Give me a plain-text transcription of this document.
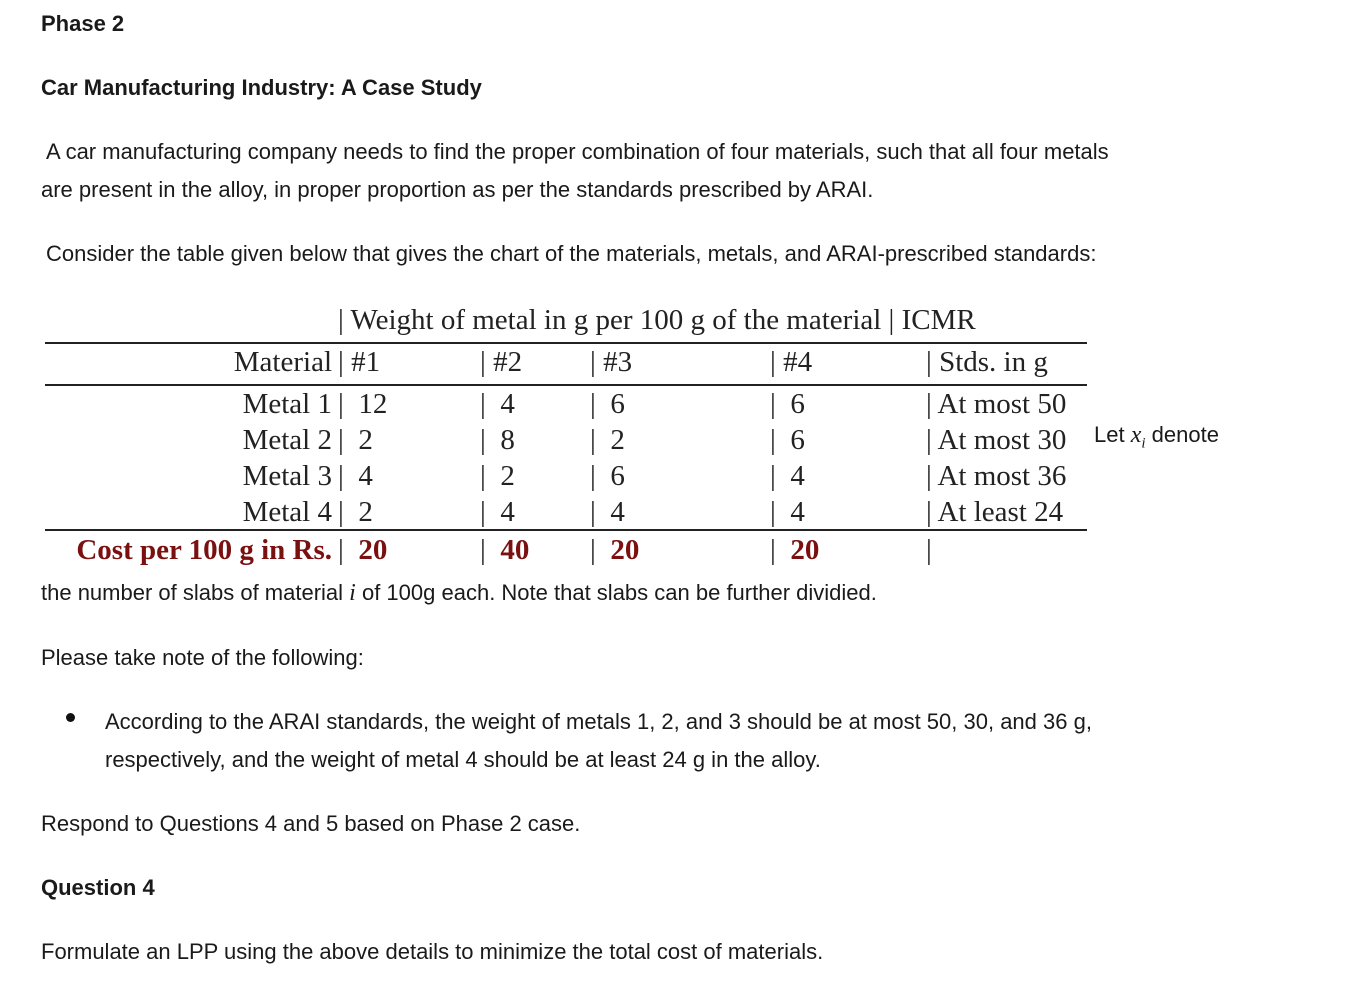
Phase 2
Car Manufacturing Industry: A Case Study
A car manufacturing company needs to find the proper combination of four materials, such that all four metals
are present in the alloy, in proper proportion as per the standards prescribed by ARAI.
Consider the table given below that gives the chart of the materials, metals, and ARAI-prescribed standards:
| Weight of metal in g per 100 g of the material | ICMR
Material | #1	| #2 | #3	| #4	| Stds. in g
Metal 1 |  12	|  4	|  6	|  6	| At most 50
Metal 2 |  2	|  8	|  2	|  6	| At most 30
Metal 3 |  4	|  2	|  6	|  4	| At most 36
Metal 4 |  2	|  4	|  4	|  4	| At least 24
Cost per 100 g in Rs. |  20	|  40 |  20	|  20	|
Let $x_i$ denote
the number of slabs of material i of 100g each. Note that slabs can be further dividied.
Please take note of the following:
According to the ARAI standards, the weight of metals 1, 2, and 3 should be at most 50, 30, and 36 g,
respectively, and the weight of metal 4 should be at least 24 g in the alloy.
Respond to Questions 4 and 5 based on Phase 2 case.
Question 4
Formulate an LPP using the above details to minimize the total cost of materials.
